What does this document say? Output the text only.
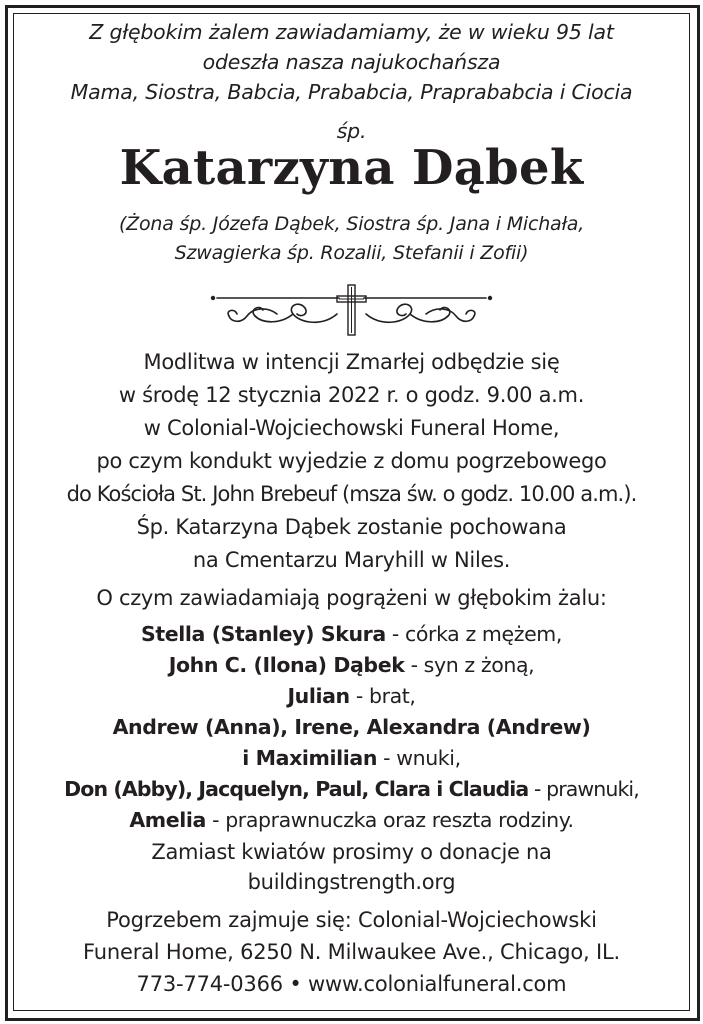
Z głębokim żalem zawiadamiamy, że w wieku 95 lat
odeszła nasza najukochańsza
Mama, Siostra, Babcia, Prababcia, Praprababcia i Ciocia
śp.
Katarzyna Dąbek
(Żona śp. Józefa Dąbek, Siostra śp. Jana i Michała,
Szwagierka śp. Rozalii, Stefanii i Zofii)
Modlitwa w intencji Zmarłej odbędzie się
w środę 12 stycznia 2022 r. o godz. 9.00 a.m.
w Colonial-Wojciechowski Funeral Home,
po czym kondukt wyjedzie z domu pogrzebowego
do Kościoła St. John Brebeuf (msza św. o godz. 10.00 a.m.).
Śp. Katarzyna Dąbek zostanie pochowana
na Cmentarzu Maryhill w Niles.
O czym zawiadamiają pogrążeni w głębokim żalu:
Stella (Stanley) Skura - córka z mężem,
John C. (Ilona) Dąbek - syn z żoną,
Julian - brat,
Andrew (Anna), Irene, Alexandra (Andrew)
i Maximilian - wnuki,
Don (Abby), Jacquelyn, Paul, Clara i Claudia - prawnuki,
Amelia - praprawnuczka oraz reszta rodziny.
Zamiast kwiatów prosimy o donacje na
buildingstrength.org
Pogrzebem zajmuje się: Colonial-Wojciechowski
Funeral Home, 6250 N. Milwaukee Ave., Chicago, IL.
773-774-0366 • www.colonialfuneral.com
